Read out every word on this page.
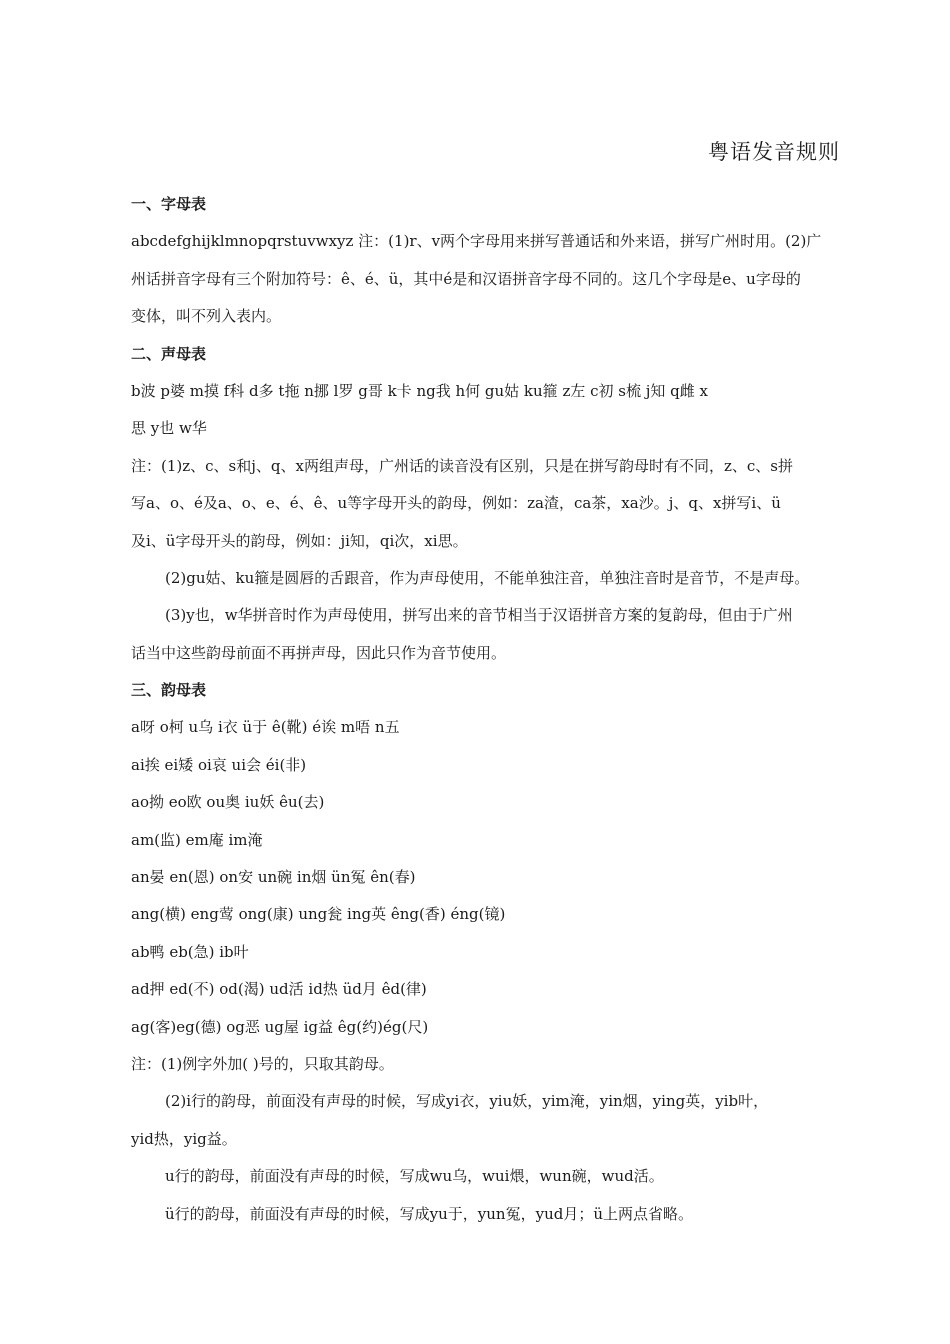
粤语发音规则
一、字母表
abcdefghijklmnopqrstuvwxyz 注：(1)r、v两个字母用来拼写普通话和外来语，拼写广州时用。(2)广
州话拼音字母有三个附加符号：ê、é、ü，其中é是和汉语拼音字母不同的。这几个字母是e、u字母的
变体，叫不列入表内。
二、声母表
b波 p婆 m摸 f科 d多 t拖 n挪 l罗 g哥 k卡 ng我 h何 gu姑 ku箍 z左 c初 s梳 j知 q雌 x
思 y也 w华
注：(1)z、c、s和j、q、x两组声母，广州话的读音没有区别，只是在拼写韵母时有不同，z、c、s拼
写a、o、é及a、o、e、é、ê、u等字母开头的韵母，例如：za渣，ca茶，xa沙。j、q、x拼写i、ü
及i、ü字母开头的韵母，例如：ji知，qi次，xi思。
(2)gu姑、ku箍是圆唇的舌跟音，作为声母使用，不能单独注音，单独注音时是音节，不是声母。
(3)y也，w华拼音时作为声母使用，拼写出来的音节相当于汉语拼音方案的复韵母，但由于广州
话当中这些韵母前面不再拼声母，因此只作为音节使用。
三、韵母表
a呀 o柯 u乌 i衣 ü于 ê(靴) é诶 m唔 n五
ai挨 ei矮 oi哀 ui会 éi(非)
ao拗 eo欧 ou奥 iu妖 êu(去)
am(监) em庵 im淹
an晏 en(恩) on安 un碗 in烟 ün冤 ên(春)
ang(横) eng莺 ong(康) ung瓮 ing英 êng(香) éng(镜)
ab鸭 eb(急) ib叶
ad押 ed(不) od(渴) ud活 id热 üd月 êd(律)
ag(客)eg(德) og恶 ug屋 ig益 êg(约)ég(尺)
注：(1)例字外加( )号的，只取其韵母。
(2)i行的韵母，前面没有声母的时候，写成yi衣，yiu妖，yim淹，yin烟，ying英，yib叶，
yid热，yig益。
u行的韵母，前面没有声母的时候，写成wu乌，wui煨，wun碗，wud活。
ü行的韵母，前面没有声母的时候，写成yu于，yun冤，yud月；ü上两点省略。
